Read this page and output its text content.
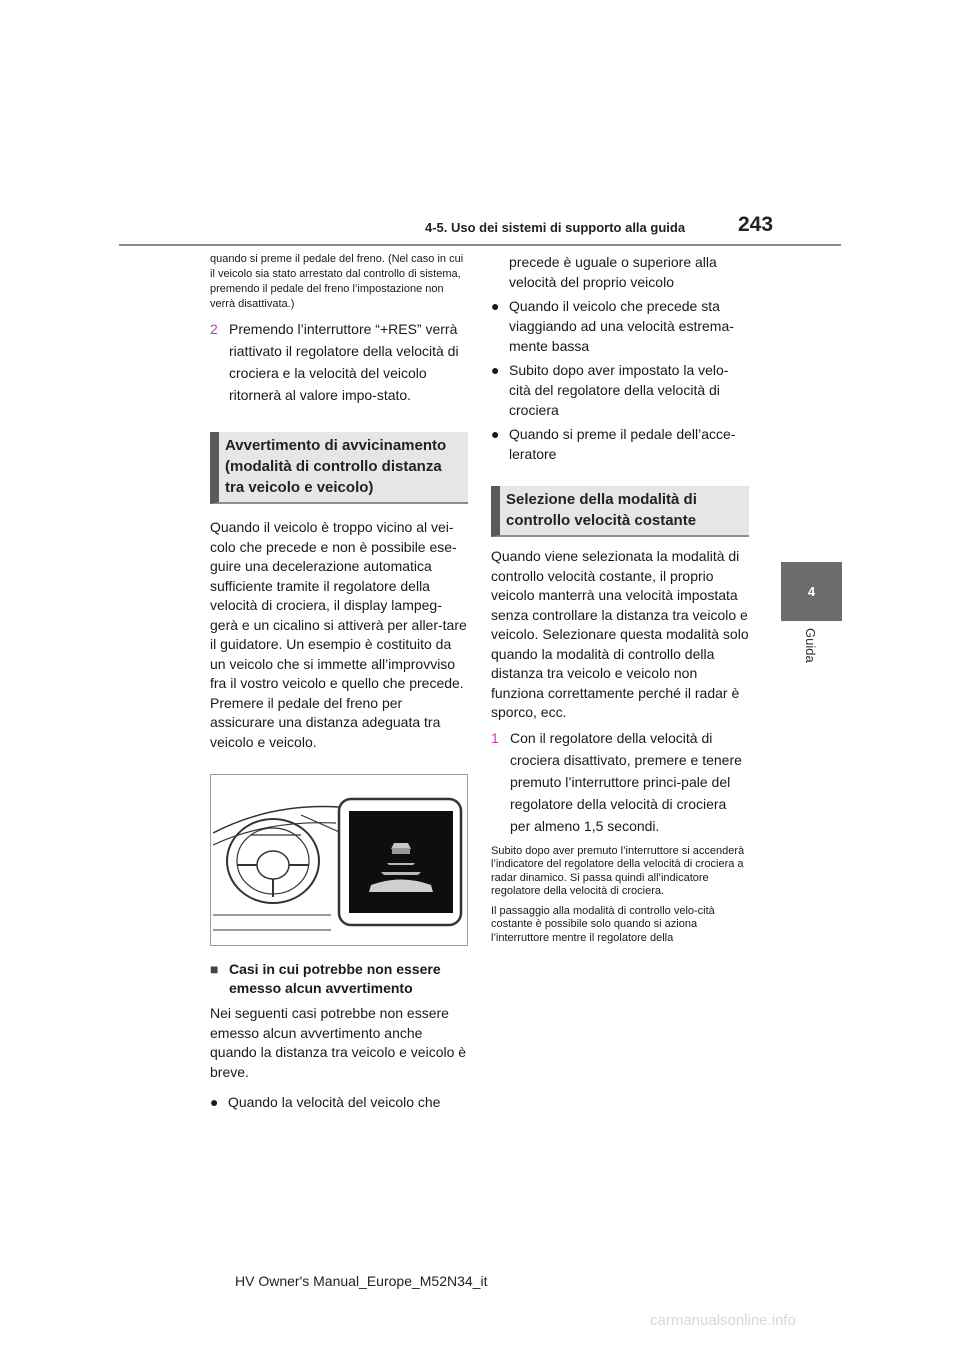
243
4-5. Uso dei sistemi di supporto alla guida
4
Guida

quando si preme il pedale del freno. (Nel caso in cui il veicolo sia stato arrestato dal controllo di sistema, premendo il pedale del freno l’impostazione non verrà disattivata.)

2 Premendo l’interruttore “+RES” verrà riattivato il regolatore della velocità di crociera e la velocità del veicolo ritornerà al valore impo-stato.
Avvertimento di avvicinamento (modalità di controllo distanza tra veicolo e veicolo)

Quando il veicolo è troppo vicino al vei-colo che precede e non è possibile ese-guire una decelerazione automatica sufficiente tramite il regolatore della velocità di crociera, il display lampeg-gerà e un cicalino si attiverà per aller-tare il guidatore. Un esempio è costituito da un veicolo che si immette all’improvviso fra il vostro veicolo e quello che precede. Premere il pedale del freno per assicurare una distanza adeguata tra veicolo e veicolo.

■ Casi in cui potrebbe non essere emesso alcun avvertimento

Nei seguenti casi potrebbe non essere emesso alcun avvertimento anche quando la distanza tra veicolo e veicolo è breve.

● Quando la velocità del veicolo che
precede è uguale o superiore alla velocità del proprio veicolo
● Quando il veicolo che precede sta viaggiando ad una velocità estrema-mente bassa
● Subito dopo aver impostato la velo-cità del regolatore della velocità di crociera
● Quando si preme il pedale dell’acce-leratore
Selezione della modalità di controllo velocità costante

Quando viene selezionata la modalità di controllo velocità costante, il proprio veicolo manterrà una velocità impostata senza controllare la distanza tra veicolo e veicolo. Selezionare questa modalità solo quando la modalità di controllo della distanza tra veicolo e veicolo non funziona correttamente perché il radar è sporco, ecc.

1 Con il regolatore della velocità di crociera disattivato, premere e tenere premuto l’interruttore princi-pale del regolatore della velocità di crociera per almeno 1,5 secondi.

Subito dopo aver premuto l’interruttore si accenderà l’indicatore del regolatore della velocità di crociera a radar dinamico. Si passa quindi all’indicatore regolatore della velocità di crociera.

Il passaggio alla modalità di controllo velo-cità costante è possibile solo quando si aziona l’interruttore mentre il regolatore della

HV Owner's Manual_Europe_M52N34_it
carmanualsonline.info
